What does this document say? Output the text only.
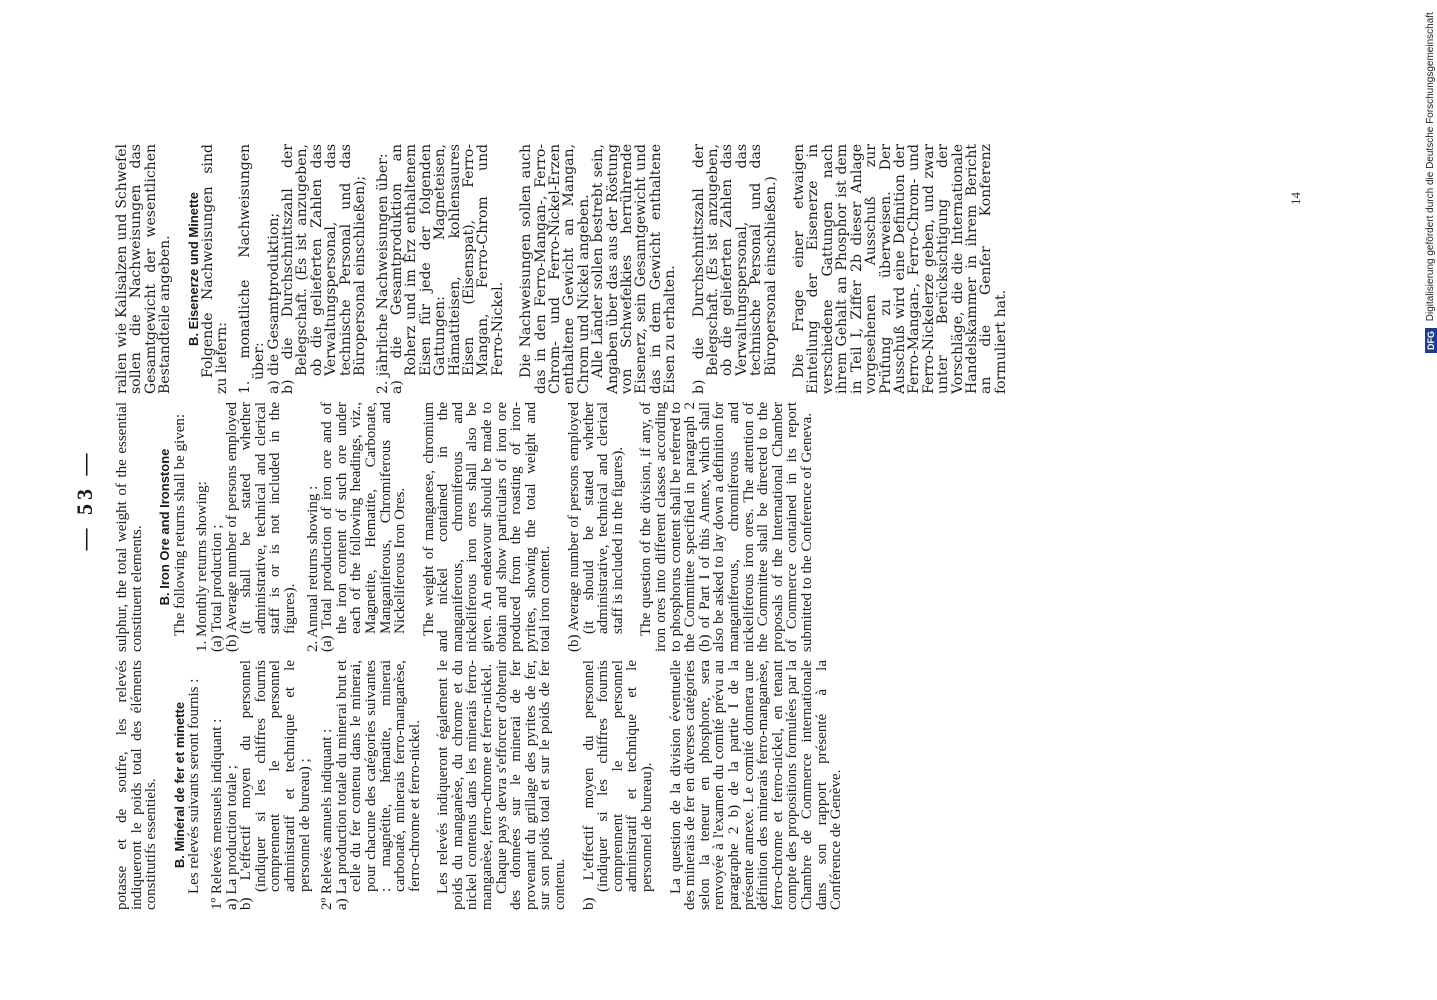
DFG Digitalisierung gefördert durch die Deutsche Forschungsgemeinschaft
14
— 53 —

potasse et de soufre, les relevés indiqueront le poids total des éléments constitutifs essentiels. B. Minéral de fer et minette Les relevés suivants seront fournis : 1º Relevés mensuels indiquant :

a) La production totale ;

b) L'effectif moyen du personnel (indiquer si les chiffres fournis comprennent le personnel administratif et technique et le personnel de bureau) ; 2º Relevés annuels indiquant :

a) La production totale du minerai brut et celle du fer contenu dans le minerai, pour chacune des catégories suivantes : magnétite, hématite, minerai carbonaté, minerais ferro-manganèse, ferro-chrome et ferro-nickel. Les relevés indiqueront également le poids du manganèse, du chrome et du nickel contenus dans les minerais ferro-manganèse, ferro-chrome et ferro-nickel.

Chaque pays devra s'efforcer d'obtenir des données sur le minerai de fer provenant du grillage des pyrites de fer, sur son poids total et sur le poids de fer contenu. b) L'effectif moyen du personnel (indiquer si les chiffres fournis comprennent le personnel administratif et technique et le personnel de bureau). La question de la division éventuelle des minerais de fer en diverses catégories selon la teneur en phosphore, sera renvoyée à l'examen du comité prévu au paragraphe 2 b) de la partie I de la présente annexe. Le comité donnera une définition des minerais ferro-manganèse, ferro-chrome et ferro-nickel, en tenant compte des propositions formulées par la Chambre de Commerce internationale dans son rapport présenté à la Conférence de Genève.

sulphur, the total weight of the essential constituent elements. B. Iron Ore and Ironstone The following returns shall be given: 1. Monthly returns showing:

(a) Total production ;

(b) Average number of persons employed (it shall be stated whether administrative, technical and clerical staff is or is not included in the figures). 2. Annual returns showing :

(a) Total production of iron ore and of the iron content of such ore under each of the following headings, viz., Magnetite, Hematite, Carbonate, Manganiferous, Chromiferous and Nickeliferous Iron Ores. The weight of manganese, chromium and nickel contained in the manganiferous, chromiferous and nickeliferous iron ores shall also be given. An endeavour should be made to obtain and show particulars of iron ore produced from the roasting of iron-pyrites, showing the total weight and total iron content. (b) Average number of persons employed (it should be stated whether administrative, technical and clerical staff is included in the figures). The question of the division, if any, of iron ores into different classes according to phosphorus content shall be referred to the Committee specified in paragraph 2 (b) of Part I of this Annex, which shall also be asked to lay down a definition for manganiferous, chromiferous and nickeliferous iron ores. The attention of the Committee shall be directed to the proposals of the International Chamber of Commerce contained in its report submitted to the Conference of Geneva.

ralien wie Kalisalzen und Schwefel sollen die Nachweisungen das Gesamtgewicht der wesentlichen Bestandteile angeben. B. Eisenerze und Minette Folgende Nachweisungen sind zu liefern: 1. monatliche Nachweisungen über:

a) die Gesamtproduktion;

b) die Durchschnittszahl der Belegschaft. (Es ist anzugeben, ob die gelieferten Zahlen das Verwaltungspersonal, das technische Personal und das Büropersonal einschließen); 2. jährliche Nachweisungen über:

a) die Gesamtproduktion an Roherz und im Erz enthaltenem Eisen für jede der folgenden Gattungen: Magneteisen, Hämatiteisen, kohlensaures Eisen (Eisenspat), Ferro-Mangan, Ferro-Chrom und Ferro-Nickel. Die Nachweisungen sollen auch das in den Ferro-Mangan-, Ferro-Chrom- und Ferro-Nickel-Erzen enthaltene Gewicht an Mangan, Chrom und Nickel angeben.

Alle Länder sollen bestrebt sein, Angaben über das aus der Röstung von Schwefelkies herrührende Eisenerz, sein Gesamtgewicht und das in dem Gewicht enthaltene Eisen zu erhalten. b) die Durchschnittszahl der Belegschaft. (Es ist anzugeben, ob die gelieferten Zahlen das Verwaltungspersonal, das technische Personal und das Büropersonal einschließen.) Die Frage einer etwaigen Einteilung der Eisenerze in verschiedene Gattungen nach ihrem Gehalt an Phosphor ist dem in Teil I, Ziffer 2b dieser Anlage vorgesehenen Ausschuß zur Prüfung zu überweisen. Der Ausschuß wird eine Definition der Ferro-Mangan-, Ferro-Chrom- und Ferro-Nickelerze geben, und zwar unter Berücksichtigung der Vorschläge, die die Internationale Handelskammer in ihrem Bericht an die Genfer Konferenz formuliert hat.
